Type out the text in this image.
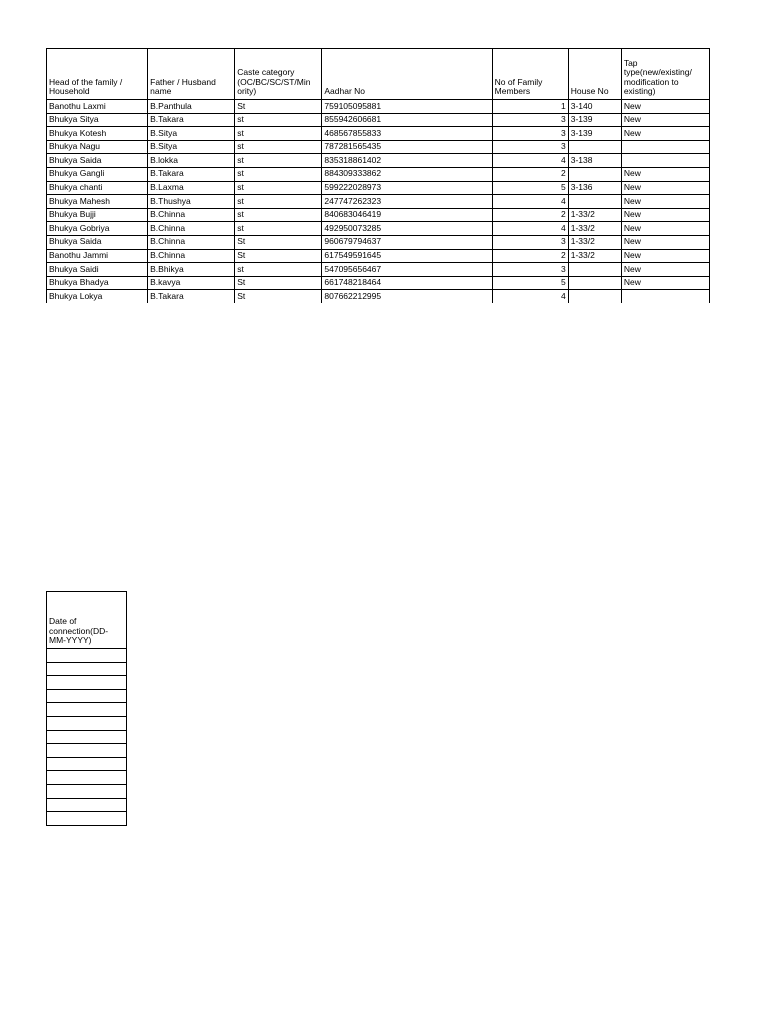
Head of the family / Household	Father / Husband name	Caste category (OC/BC/SC/ST/Min ority)	Aadhar No	No of Family Members	House No	Tap type(new/existing/ modification to existing)
Banothu Laxmi	B.Panthula	St	759105095881	1	3-140	New
Bhukya Sitya	B.Takara	st	855942606681	3	3-139	New
Bhukya Kotesh	B.Sitya	st	468567855833	3	3-139	New
Bhukya Nagu	B.Sitya	st	787281565435	3		
Bhukya Saida	B.lokka	st	835318861402	4	3-138	
Bhukya Gangli	B.Takara	st	884309333862	2		New
Bhukya chanti	B.Laxma	st	599222028973	5	3-136	New
Bhukya Mahesh	B.Thushya	st	247747262323	4		New
Bhukya Bujji	B.Chinna	st	840683046419	2	1-33/2	New
Bhukya Gobriya	B.Chinna	st	492950073285	4	1-33/2	New
Bhukya Saida	B.Chinna	St	960679794637	3	1-33/2	New
Banothu Jammi	B.Chinna	St	617549591645	2	1-33/2	New
Bhukya Saidi	B.Bhikya	st	547095656467	3		New
Bhukya Bhadya	B.kavya	St	661748218464	5		New
Bhukya Lokya	B.Takara	St	807662212995	4		
Date of connection(DD-MM-YYYY)
